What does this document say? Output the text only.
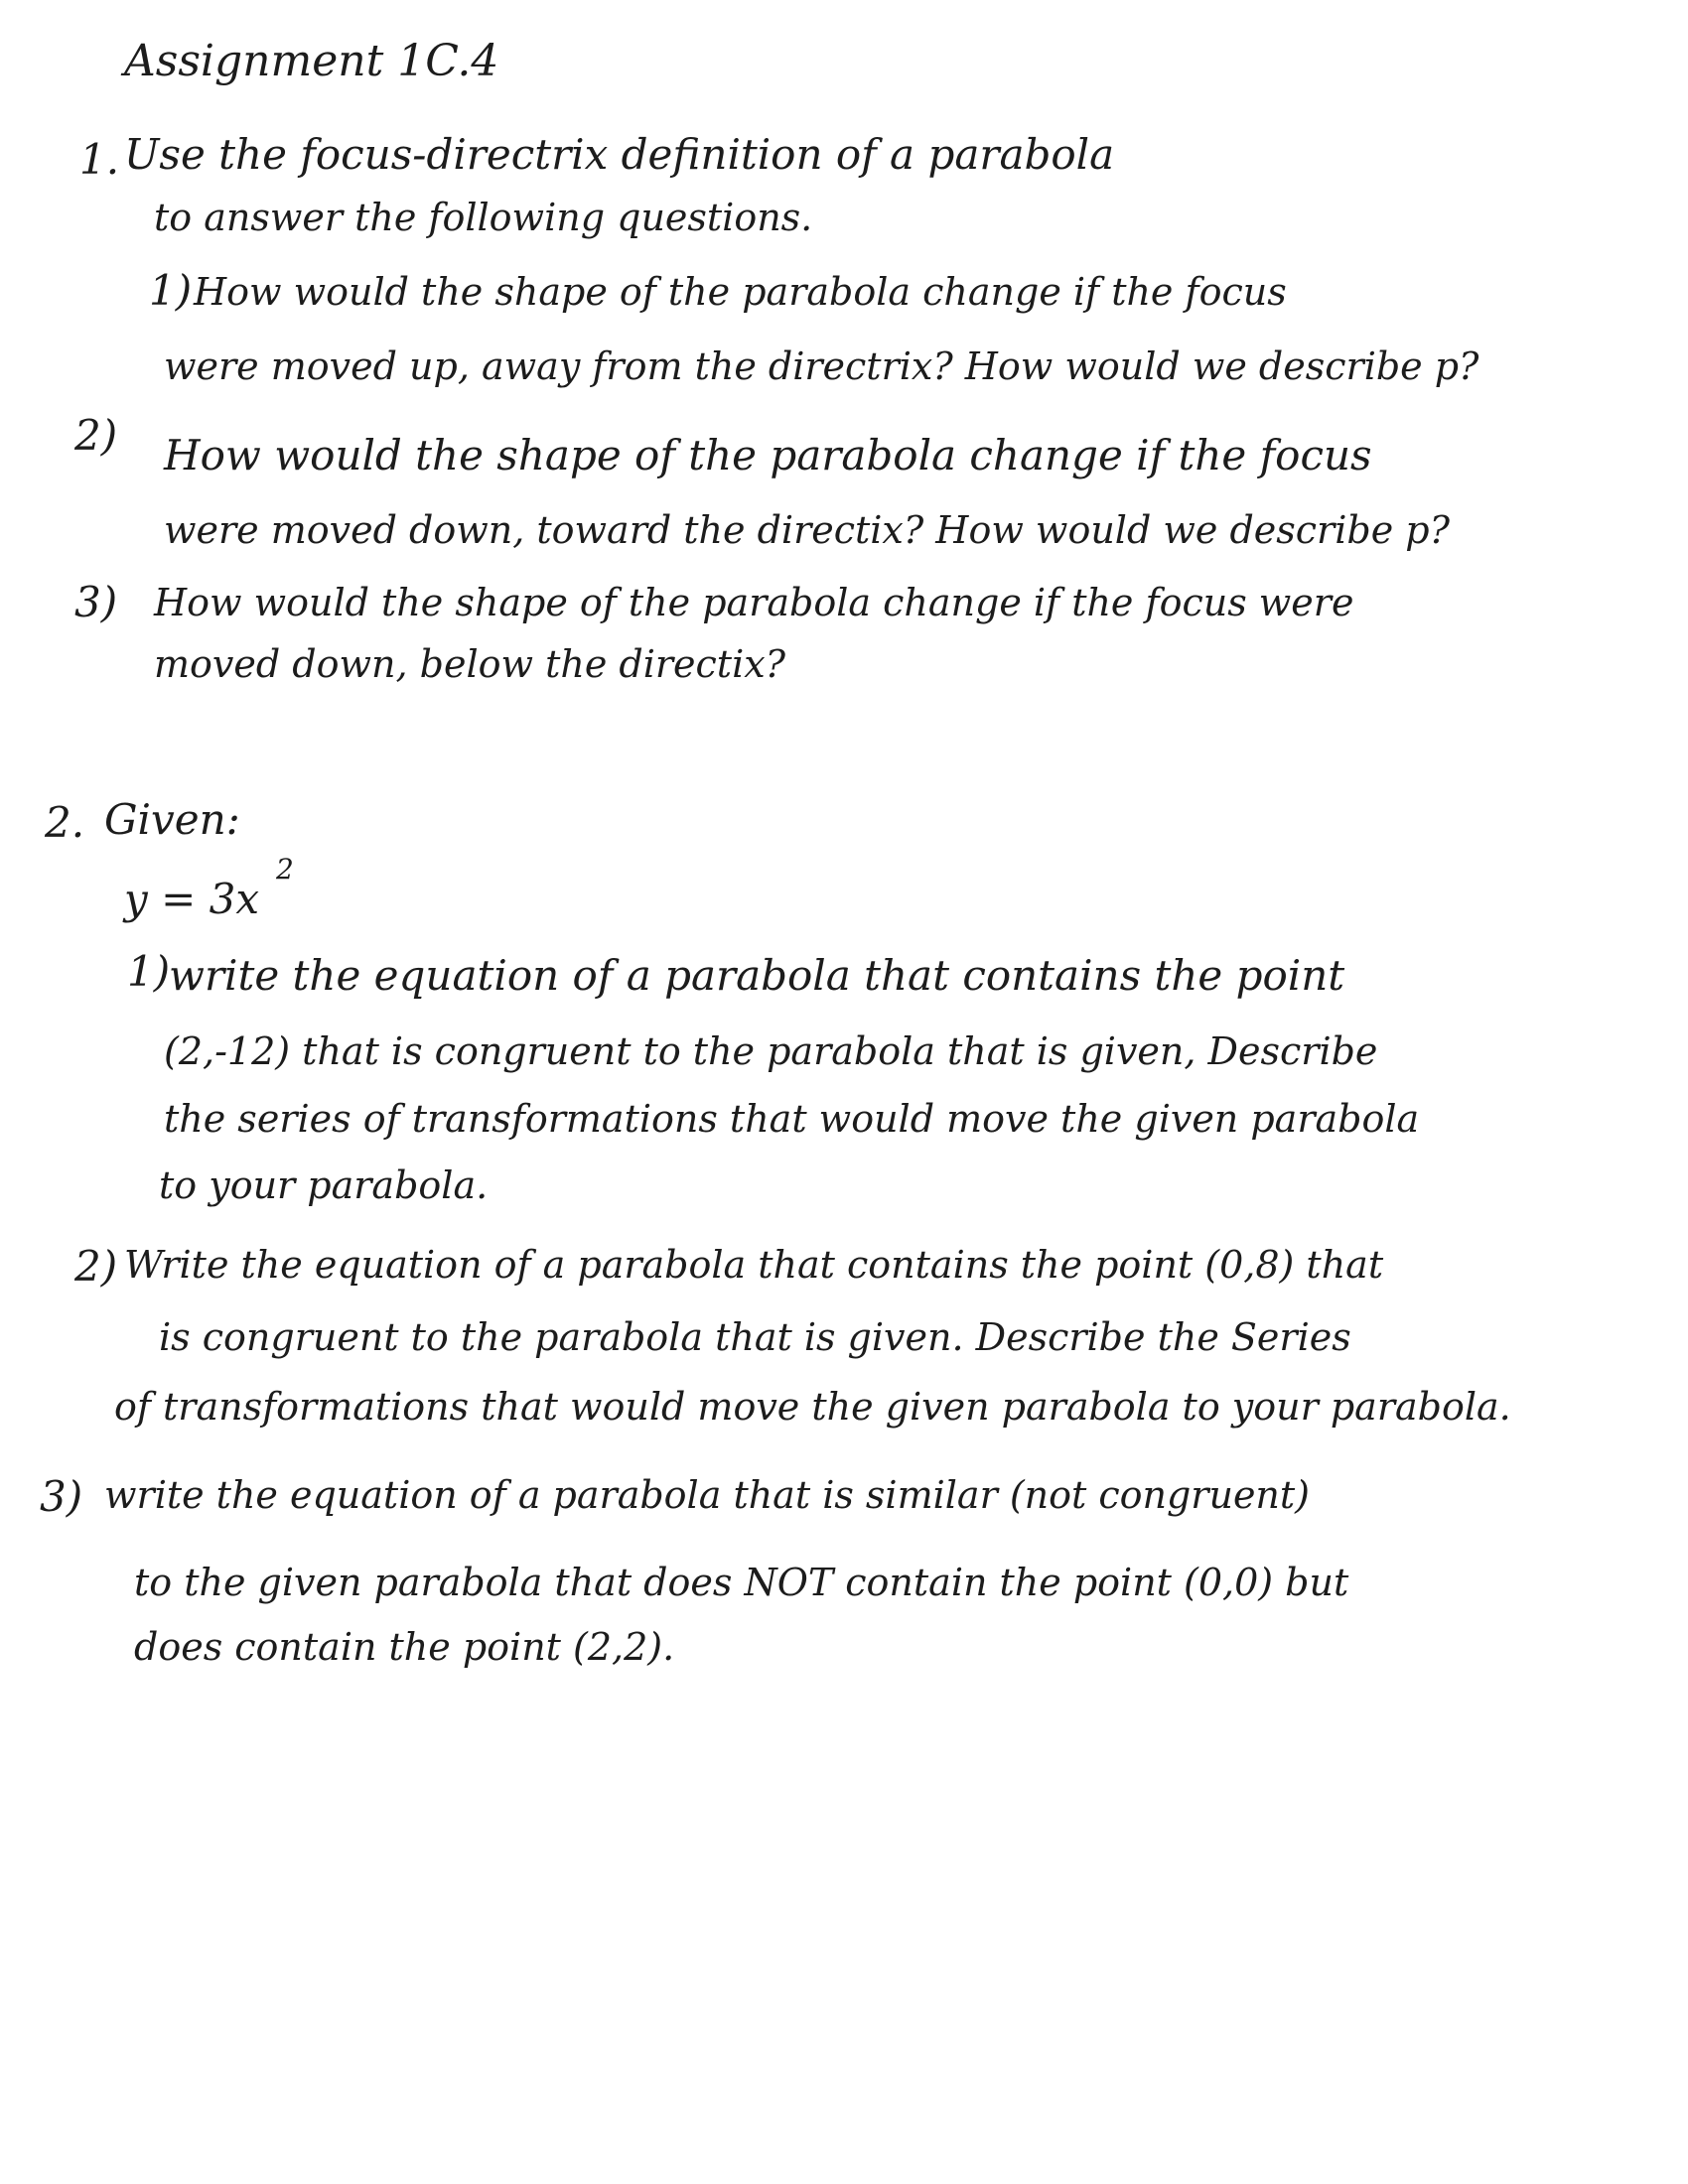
Assignment 1C.4
1. Use the focus-directrix definition of a parabola
to answer the following questions.
1) How would the shape of the parabola change if the focus
were moved up, away from the directrix? How would we describe p?
2) How would the shape of the parabola change if the focus
were moved down, toward the directix? How would we describe p?
3) How would the shape of the parabola change if the focus were
moved down, below the directix?
2. Given:
y = 3x
2
1)
write the equation of a parabola that contains the point
(2,-12) that is congruent to the parabola that is given, Describe
the series of transformations that would move the given parabola
to your parabola.
2) Write the equation of a parabola that contains the point (0,8) that
is congruent to the parabola that is given. Describe the Series
of transformations that would move the given parabola to your parabola.
3) write the equation of a parabola that is similar (not congruent)
to the given parabola that does NOT contain the point (0,0) but
does contain the point (2,2).
